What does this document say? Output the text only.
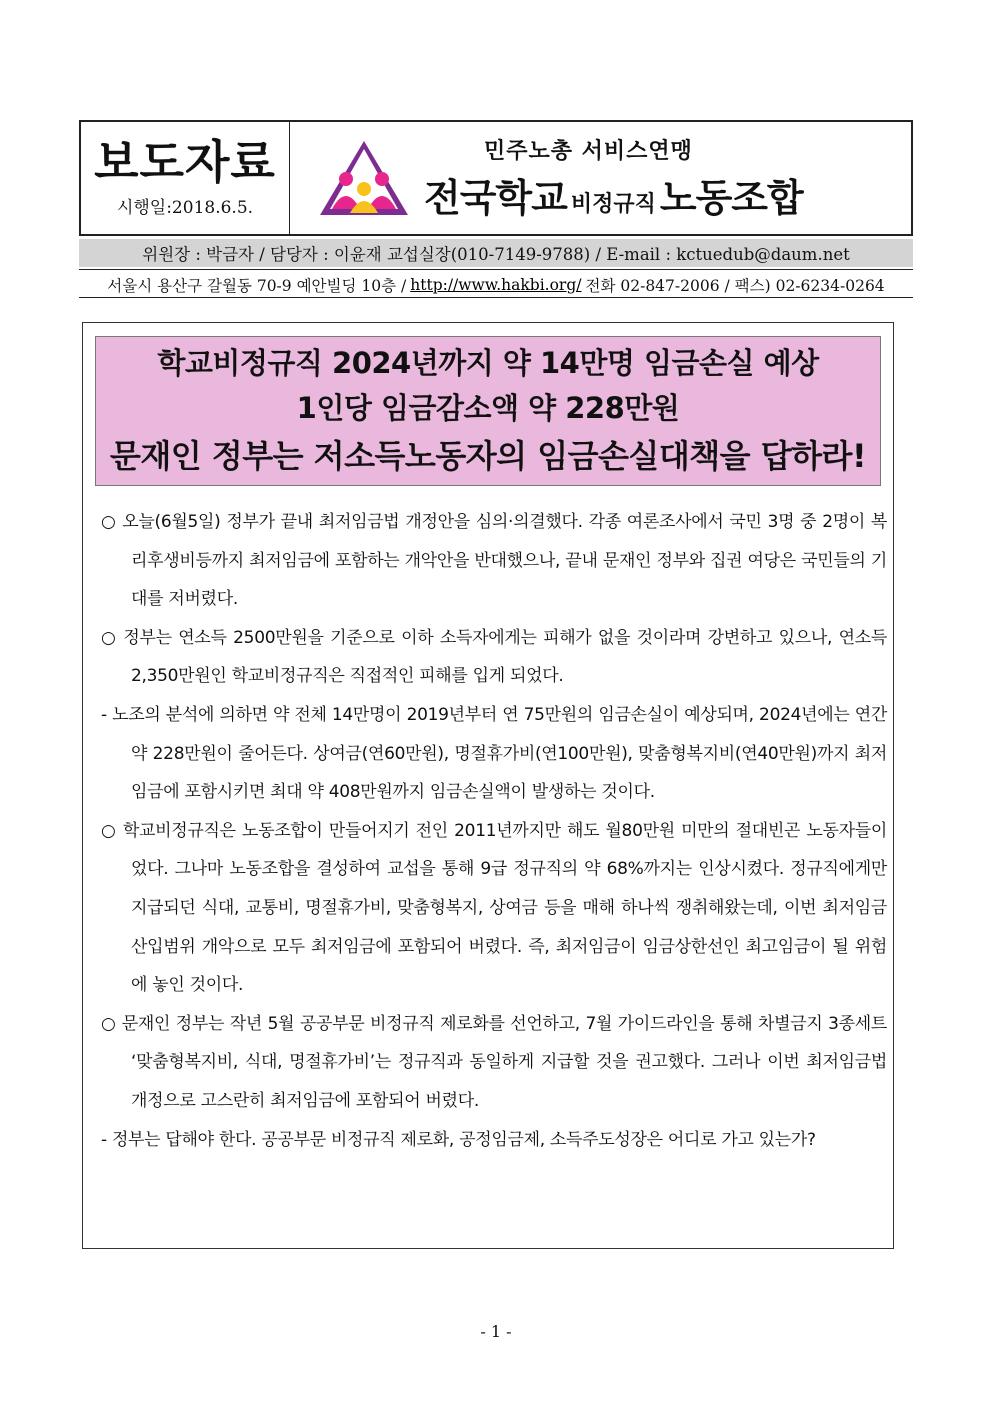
보도자료
시행일:2018.6.5.
민주노총 서비스연맹
전국학교 비정규직 노동조합
위원장 : 박금자 / 담당자 : 이윤재 교섭실장(010-7149-9788) / E-mail : kctuedub@daum.net
서울시 용산구 갈월동 70-9 예안빌딩 10층 / http://www.hakbi.org/ 전화 02-847-2006 / 팩스) 02-6234-0264
학교비정규직 2024년까지 약 14만명 임금손실 예상
1인당 임금감소액 약 228만원
문재인 정부는 저소득노동자의 임금손실대책을 답하라!
○ 오늘(6월5일) 정부가 끝내 최저임금법 개정안을 심의·의결했다. 각종 여론조사에서 국민 3명 중 2명이 복리후생비등까지 최저임금에 포함하는 개악안을 반대했으나, 끝내 문재인 정부와 집권 여당은 국민들의 기대를 저버렸다.
○ 정부는 연소득 2500만원을 기준으로 이하 소득자에게는 피해가 없을 것이라며 강변하고 있으나, 연소득 2,350만원인 학교비정규직은 직접적인 피해를 입게 되었다.
- 노조의 분석에 의하면 약 전체 14만명이 2019년부터 연 75만원의 임금손실이 예상되며, 2024년에는 연간 약 228만원이 줄어든다. 상여금(연60만원), 명절휴가비(연100만원), 맞춤형복지비(연40만원)까지 최저임금에 포함시키면 최대 약 408만원까지 임금손실액이 발생하는 것이다.
○ 학교비정규직은 노동조합이 만들어지기 전인 2011년까지만 해도 월80만원 미만의 절대빈곤 노동자들이었다. 그나마 노동조합을 결성하여 교섭을 통해 9급 정규직의 약 68%까지는 인상시켰다. 정규직에게만 지급되던 식대, 교통비, 명절휴가비, 맞춤형복지, 상여금 등을 매해 하나씩 쟁취해왔는데, 이번 최저임금 산입범위 개악으로 모두 최저임금에 포함되어 버렸다. 즉, 최저임금이 임금상한선인 최고임금이 될 위험에 놓인 것이다.
○ 문재인 정부는 작년 5월 공공부문 비정규직 제로화를 선언하고, 7월 가이드라인을 통해 차별금지 3종세트 ‘맞춤형복지비, 식대, 명절휴가비’는 정규직과 동일하게 지급할 것을 권고했다. 그러나 이번 최저임금법 개정으로 고스란히 최저임금에 포함되어 버렸다.
- 정부는 답해야 한다. 공공부문 비정규직 제로화, 공정임금제, 소득주도성장은 어디로 가고 있는가?
- 1 -
